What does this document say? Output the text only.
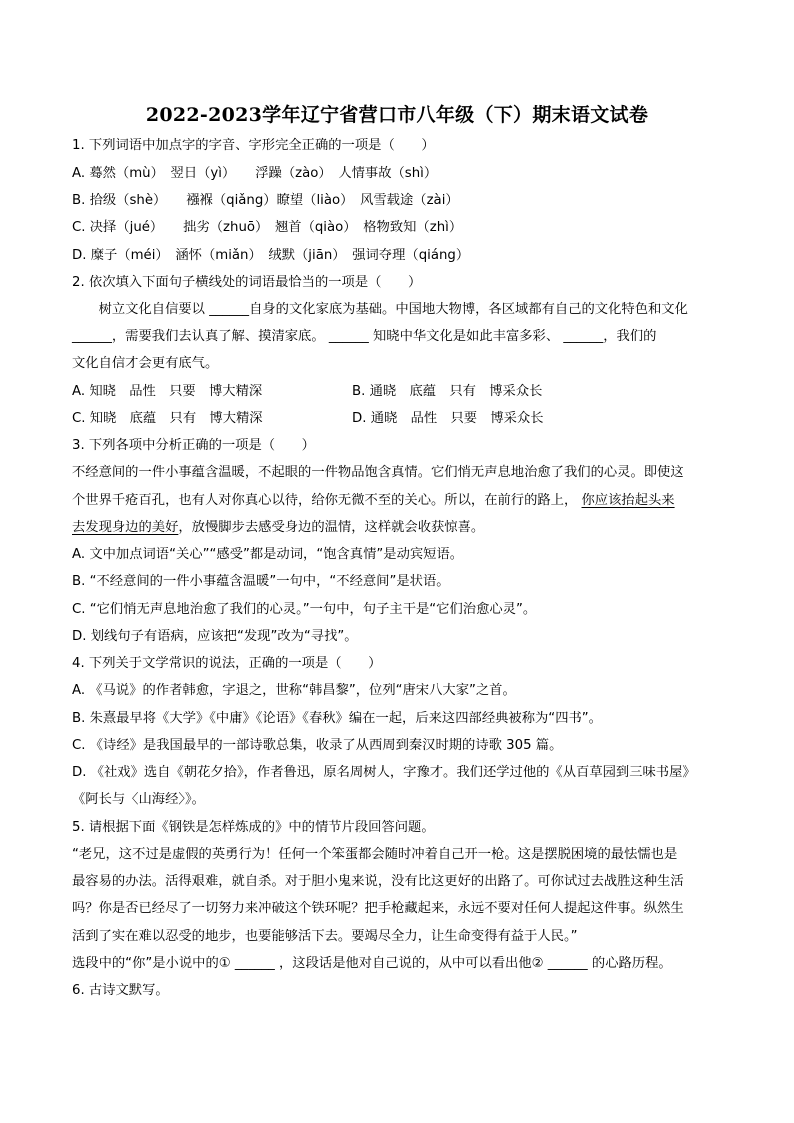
2022-2023学年辽宁省营口市八年级（下）期末语文试卷
1. 下列词语中加点字的字音、字形完全正确的一项是（　　）
A. 蓦然（mù）　翌日（yì）　　浮躁（zào）　人情事故（shì）
B. 拾级（shè）　　襁褓（qiǎng）瞭望（liào）　风雪载途（zài）
C. 决择（jué）　　拙劣（zhuō）　翘首（qiào）　格物致知（zhì）
D. 糜子（méi）　涵怀（miǎn）　绒默（jiān）　强词夺理（qiáng）
2. 依次填入下面句子横线处的词语最恰当的一项是（　　）
　　树立文化自信要以 ______自身的文化家底为基础。中国地大物博，各区域都有自己的文化特色和文化
______，需要我们去认真了解、摸清家底。 ______ 知晓中华文化是如此丰富多彩、 ______，我们的
文化自信才会更有底气。
A. 知晓　品性　只要　博大精深	B. 通晓　底蕴　只有　博采众长
C. 知晓　底蕴　只有　博大精深	D. 通晓　品性　只要　博采众长
3. 下列各项中分析正确的一项是（　　）
不经意间的一件小事蕴含温暖，不起眼的一件物品饱含真情。它们悄无声息地治愈了我们的心灵。即使这
个世界千疮百孔，也有人对你真心以待，给你无微不至的关心。所以，在前行的路上， 你应该抬起头来
去发现身边的美好，放慢脚步去感受身边的温情，这样就会收获惊喜。
A. 文中加点词语“关心”“感受”都是动词，“饱含真情”是动宾短语。
B. “不经意间的一件小事蕴含温暖”一句中，“不经意间”是状语。
C. “它们悄无声息地治愈了我们的心灵。”一句中，句子主干是“它们治愈心灵”。
D. 划线句子有语病，应该把“发现”改为“寻找”。
4. 下列关于文学常识的说法，正确的一项是（　　）
A. 《马说》的作者韩愈，字退之，世称“韩昌黎”，位列“唐宋八大家”之首。
B. 朱熹最早将《大学》《中庸》《论语》《春秋》编在一起，后来这四部经典被称为“四书”。
C. 《诗经》是我国最早的一部诗歌总集，收录了从西周到秦汉时期的诗歌 305 篇。
D. 《社戏》选自《朝花夕拾》，作者鲁迅，原名周树人，字豫才。我们还学过他的《从百草园到三味书屋》
《阿长与〈山海经〉》。
5. 请根据下面《钢铁是怎样炼成的》中的情节片段回答问题。
“老兄，这不过是虚假的英勇行为！任何一个笨蛋都会随时冲着自己开一枪。这是摆脱困境的最怯懦也是
最容易的办法。活得艰难，就自杀。对于胆小鬼来说，没有比这更好的出路了。可你试过去战胜这种生活
吗？你是否已经尽了一切努力来冲破这个铁环呢？把手枪藏起来，永远不要对任何人提起这件事。纵然生
活到了实在难以忍受的地步，也要能够活下去。要竭尽全力，让生命变得有益于人民。”
选段中的“你”是小说中的① ______ ，这段话是他对自己说的，从中可以看出他② ______ 的心路历程。
6. 古诗文默写。
